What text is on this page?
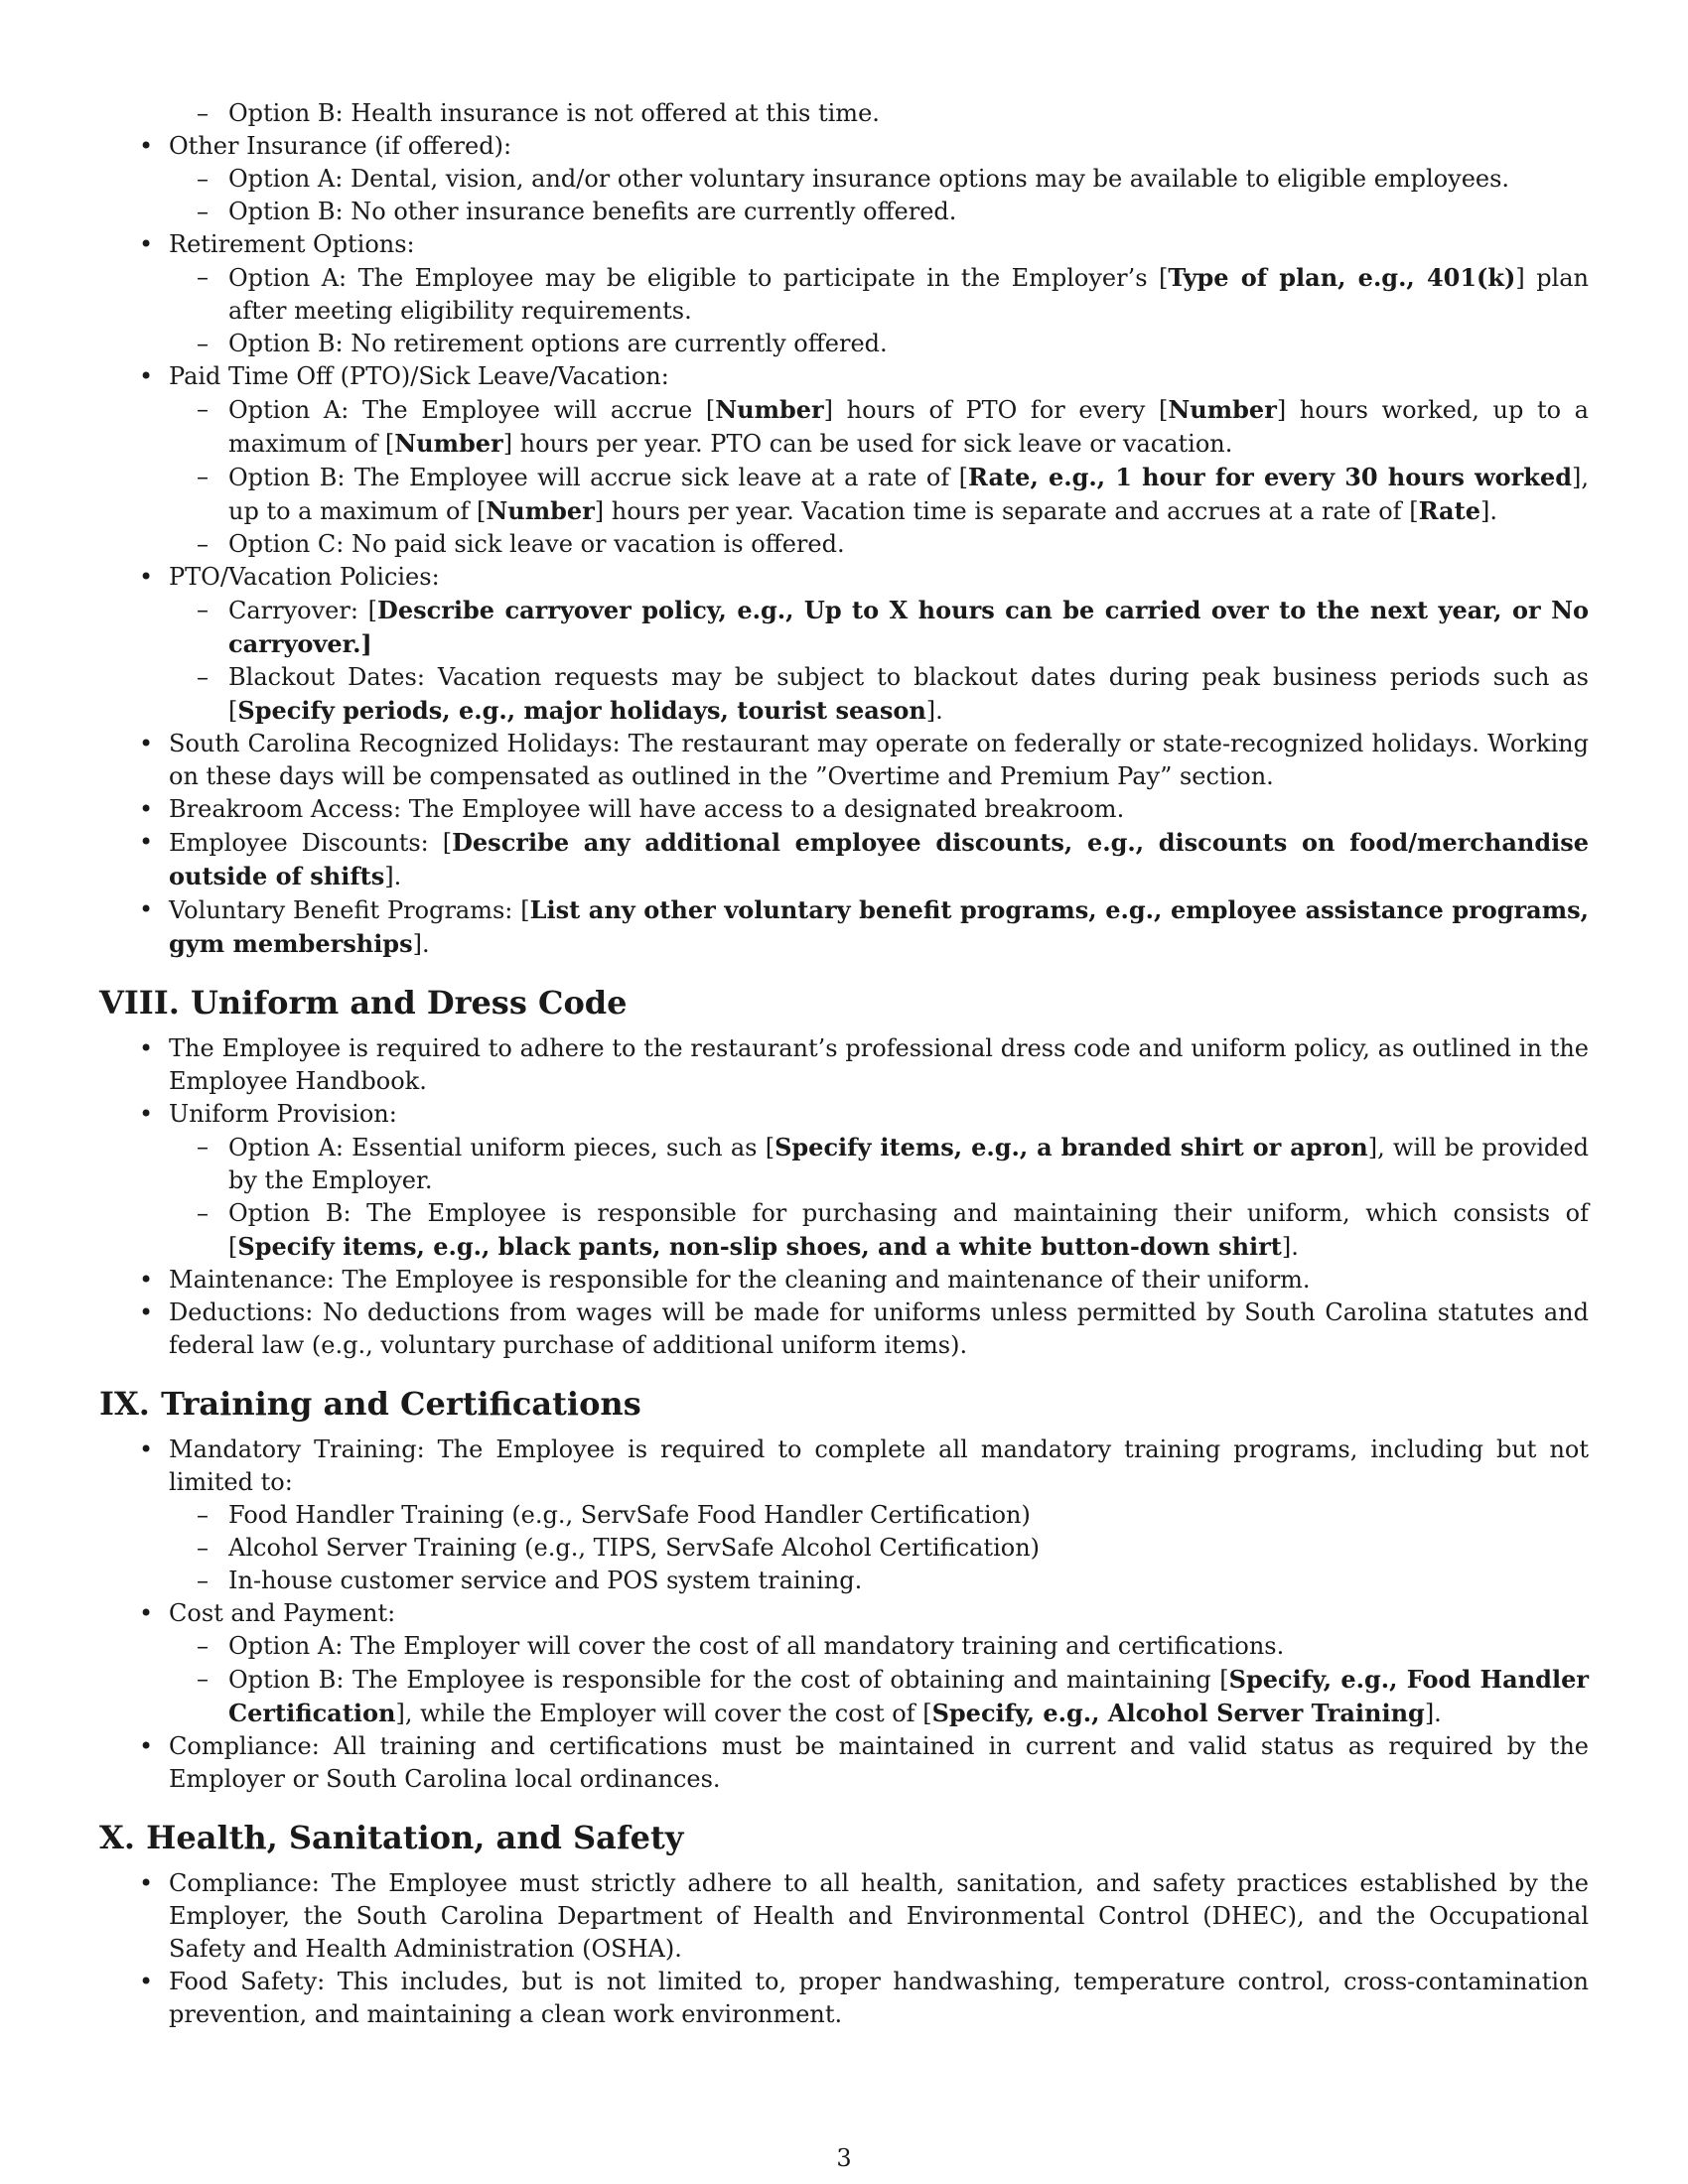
– Option B: Health insurance is not offered at this time.
• Other Insurance (if offered):
– Option A: Dental, vision, and/or other voluntary insurance options may be available to eligible employees.
– Option B: No other insurance benefits are currently offered.
• Retirement Options:
– Option A: The Employee may be eligible to participate in the Employer’s [Type of plan, e.g., 401(k)] plan after meeting eligibility requirements.
– Option B: No retirement options are currently offered.
• Paid Time Off (PTO)/Sick Leave/Vacation:
– Option A: The Employee will accrue [Number] hours of PTO for every [Number] hours worked, up to a maximum of [Number] hours per year. PTO can be used for sick leave or vacation.
– Option B: The Employee will accrue sick leave at a rate of [Rate, e.g., 1 hour for every 30 hours worked], up to a maximum of [Number] hours per year. Vacation time is separate and accrues at a rate of [Rate].
– Option C: No paid sick leave or vacation is offered.
• PTO/Vacation Policies:
– Carryover: [Describe carryover policy, e.g., Up to X hours can be carried over to the next year, or No carryover.]
– Blackout Dates: Vacation requests may be subject to blackout dates during peak business periods such as [Specify periods, e.g., major holidays, tourist season].
• South Carolina Recognized Holidays: The restaurant may operate on federally or state-recognized holidays. Working on these days will be compensated as outlined in the ”Overtime and Premium Pay” section.
• Breakroom Access: The Employee will have access to a designated breakroom.
• Employee Discounts: [Describe any additional employee discounts, e.g., discounts on food/merchandise outside of shifts].
• Voluntary Benefit Programs: [List any other voluntary benefit programs, e.g., employee assistance programs, gym memberships].
VIII. Uniform and Dress Code
• The Employee is required to adhere to the restaurant’s professional dress code and uniform policy, as outlined in the Employee Handbook.
• Uniform Provision:
– Option A: Essential uniform pieces, such as [Specify items, e.g., a branded shirt or apron], will be provided by the Employer.
– Option B: The Employee is responsible for purchasing and maintaining their uniform, which consists of [Specify items, e.g., black pants, non-slip shoes, and a white button-down shirt].
• Maintenance: The Employee is responsible for the cleaning and maintenance of their uniform.
• Deductions: No deductions from wages will be made for uniforms unless permitted by South Carolina statutes and federal law (e.g., voluntary purchase of additional uniform items).
IX. Training and Certifications
• Mandatory Training: The Employee is required to complete all mandatory training programs, including but not limited to:
– Food Handler Training (e.g., ServSafe Food Handler Certification)
– Alcohol Server Training (e.g., TIPS, ServSafe Alcohol Certification)
– In-house customer service and POS system training.
• Cost and Payment:
– Option A: The Employer will cover the cost of all mandatory training and certifications.
– Option B: The Employee is responsible for the cost of obtaining and maintaining [Specify, e.g., Food Handler Certification], while the Employer will cover the cost of [Specify, e.g., Alcohol Server Training].
• Compliance: All training and certifications must be maintained in current and valid status as required by the Employer or South Carolina local ordinances.
X. Health, Sanitation, and Safety
• Compliance: The Employee must strictly adhere to all health, sanitation, and safety practices established by the Employer, the South Carolina Department of Health and Environmental Control (DHEC), and the Occupational Safety and Health Administration (OSHA).
• Food Safety: This includes, but is not limited to, proper handwashing, temperature control, cross-contamination prevention, and maintaining a clean work environment.
3
